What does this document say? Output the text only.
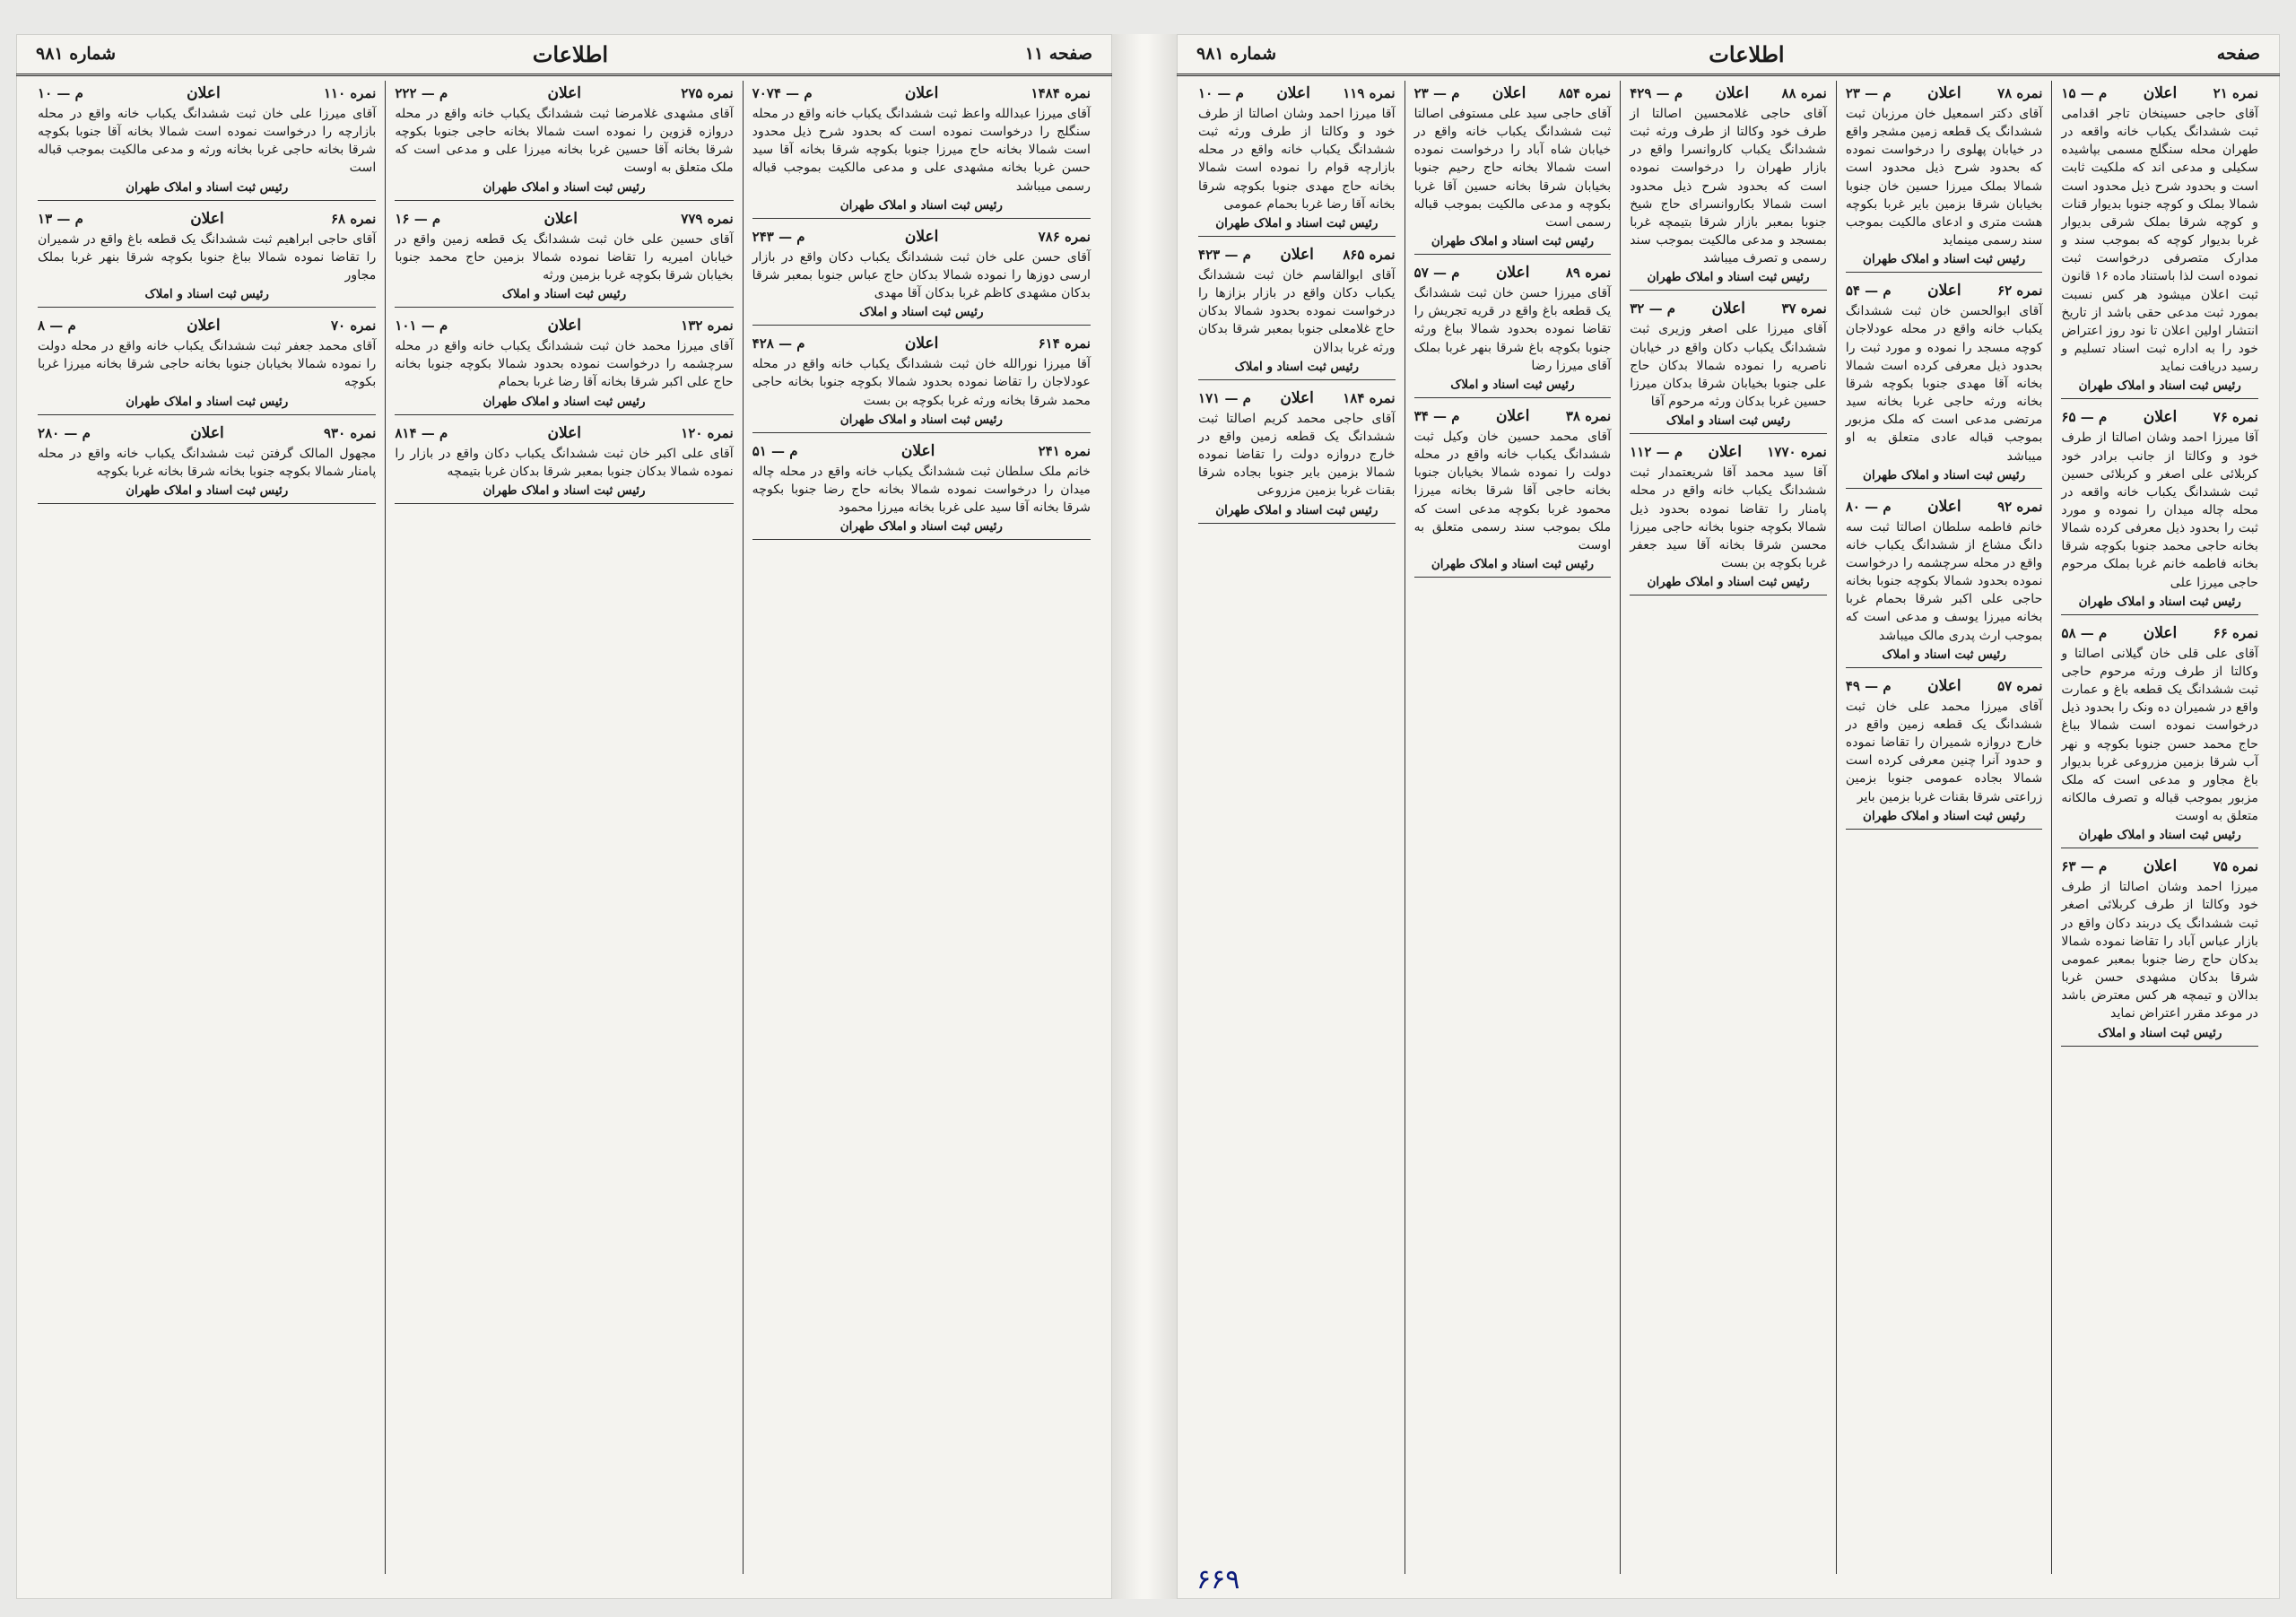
صفحه ۱۱
اطلاعات
شماره ۹۸۱
نمره ۱۴۸۴
اعلان
م — ۷۰۷۴

آقای میرزا عبدالله واعظ ثبت ششدانگ یکباب خانه واقع در محله سنگلج را درخواست نموده است که بحدود شرح ذیل محدود است شمالا بخانه حاج میرزا جنوبا بکوچه شرقا بخانه آقا سید حسن غربا بخانه مشهدی علی و مدعی مالکیت بموجب قباله رسمی میباشد

رئیس ثبت اسناد و املاک طهران
نمره ۷۸۶
اعلان
م — ۲۴۳

آقای حسن علی خان ثبت ششدانگ یکباب دکان واقع در بازار ارسی دوزها را نموده شمالا بدکان حاج عباس جنوبا بمعبر شرقا بدکان مشهدی کاظم غربا بدکان آقا مهدی

رئیس ثبت اسناد و املاک
نمره ۶۱۴
اعلان
م — ۴۲۸

آقا میرزا نورالله خان ثبت ششدانگ یکباب خانه واقع در محله عودلاجان را تقاضا نموده بحدود شمالا بکوچه جنوبا بخانه حاجی محمد شرقا بخانه ورثه غربا بکوچه بن بست

رئیس ثبت اسناد و املاک طهران
نمره ۲۴۱
اعلان
م — ۵۱

خانم ملک سلطان ثبت ششدانگ یکباب خانه واقع در محله چاله میدان را درخواست نموده شمالا بخانه حاج رضا جنوبا بکوچه شرقا بخانه آقا سید علی غربا بخانه میرزا محمود

رئیس ثبت اسناد و املاک طهران
نمره ۲۷۵
اعلان
م — ۲۲۲

آقای مشهدی غلامرضا ثبت ششدانگ یکباب خانه واقع در محله دروازه قزوین را نموده است شمالا بخانه حاجی جنوبا بکوچه شرقا بخانه آقا حسین غربا بخانه میرزا علی و مدعی است که ملک متعلق به اوست

رئیس ثبت اسناد و املاک طهران
نمره ۷۷۹
اعلان
م — ۱۶

آقای حسین علی خان ثبت ششدانگ یک قطعه زمین واقع در خیابان امیریه را تقاضا نموده شمالا بزمین حاج محمد جنوبا بخیابان شرقا بکوچه غربا بزمین ورثه

رئیس ثبت اسناد و املاک
نمره ۱۳۲
اعلان
م — ۱۰۱

آقای میرزا محمد خان ثبت ششدانگ یکباب خانه واقع در محله سرچشمه را درخواست نموده بحدود شمالا بکوچه جنوبا بخانه حاج علی اکبر شرقا بخانه آقا رضا غربا بحمام

رئیس ثبت اسناد و املاک طهران
نمره ۱۲۰
اعلان
م — ۸۱۴

آقای علی اکبر خان ثبت ششدانگ یکباب دکان واقع در بازار را نموده شمالا بدکان جنوبا بمعبر شرقا بدکان غربا بتیمچه

رئیس ثبت اسناد و املاک طهران
نمره ۱۱۰
اعلان
م — ۱۰

آقای میرزا علی خان ثبت ششدانگ یکباب خانه واقع در محله بازارچه را درخواست نموده است شمالا بخانه آقا جنوبا بکوچه شرقا بخانه حاجی غربا بخانه ورثه و مدعی مالکیت بموجب قباله است

رئیس ثبت اسناد و املاک طهران
نمره ۶۸
اعلان
م — ۱۳

آقای حاجی ابراهیم ثبت ششدانگ یک قطعه باغ واقع در شمیران را تقاضا نموده شمالا بباغ جنوبا بکوچه شرقا بنهر غربا بملک مجاور

رئیس ثبت اسناد و املاک
نمره ۷۰
اعلان
م — ۸

آقای محمد جعفر ثبت ششدانگ یکباب خانه واقع در محله دولت را نموده شمالا بخیابان جنوبا بخانه حاجی شرقا بخانه میرزا غربا بکوچه

رئیس ثبت اسناد و املاک طهران
نمره ۹۳۰
اعلان
م — ۲۸۰

مجهول المالک گرفتن ثبت ششدانگ یکباب خانه واقع در محله پامنار شمالا بکوچه جنوبا بخانه شرقا بخانه غربا بکوچه

رئیس ثبت اسناد و املاک طهران
صفحه
اطلاعات
شماره ۹۸۱
نمره ۲۱
اعلان
م — ۱۵

آقای حاجی حسینخان تاجر اقدامی ثبت ششدانگ یکباب خانه واقعه در طهران محله سنگلج مسمی بپاشیده سکیلی و مدعی اند که ملکیت ثابت است و بحدود شرح ذیل محدود است شمالا بملک و کوچه جنوبا بدیوار قنات و کوچه شرقا بملک شرقی بدیوار غربا بدیوار کوچه که بموجب سند و مدارک متصرفی درخواست ثبت نموده است لذا باستناد ماده ۱۶ قانون ثبت اعلان میشود هر کس نسبت بمورد ثبت مدعی حقی باشد از تاریخ انتشار اولین اعلان تا نود روز اعتراض خود را به اداره ثبت اسناد تسلیم و رسید دریافت نماید

رئیس ثبت اسناد و املاک طهران
نمره ۷۶
اعلان
م — ۶۵

آقا میرزا احمد وشان اصالتا از طرف خود و وکالتا از جانب برادر خود کربلائی علی اصغر و کربلائی حسین ثبت ششدانگ یکباب خانه واقعه در محله چاله میدان را نموده و مورد ثبت را بحدود ذیل معرفی کرده شمالا بخانه حاجی محمد جنوبا بکوچه شرقا بخانه فاطمه خانم غربا بملک مرحوم حاجی میرزا علی

رئیس ثبت اسناد و املاک طهران
نمره ۶۶
اعلان
م — ۵۸

آقای علی قلی خان گیلانی اصالتا و وکالتا از طرف ورثه مرحوم حاجی ثبت ششدانگ یک قطعه باغ و عمارت واقع در شمیران ده ونک را بحدود ذیل درخواست نموده است شمالا بباغ حاج محمد حسن جنوبا بکوچه و نهر آب شرقا بزمین مزروعی غربا بدیوار باغ مجاور و مدعی است که ملک مزبور بموجب قباله و تصرف مالکانه متعلق به اوست

رئیس ثبت اسناد و املاک طهران
نمره ۷۵
اعلان
م — ۶۳

میرزا احمد وشان اصالتا از طرف خود وکالتا از طرف کربلائی اصغر ثبت ششدانگ یک دربند دکان واقع در بازار عباس آباد را تقاضا نموده شمالا بدکان حاج رضا جنوبا بمعبر عمومی شرقا بدکان مشهدی حسن غربا بدالان و تیمچه هر کس معترض باشد در موعد مقرر اعتراض نماید

رئیس ثبت اسناد و املاک
نمره ۷۸
اعلان
م — ۲۳

آقای دکتر اسمعیل خان مرزبان ثبت ششدانگ یک قطعه زمین مشجر واقع در خیابان پهلوی را درخواست نموده که بحدود شرح ذیل محدود است شمالا بملک میرزا حسین خان جنوبا بخیابان شرقا بزمین بایر غربا بکوچه هشت متری و ادعای مالکیت بموجب سند رسمی مینماید

رئیس ثبت اسناد و املاک طهران
نمره ۶۲
اعلان
م — ۵۴

آقای ابوالحسن خان ثبت ششدانگ یکباب خانه واقع در محله عودلاجان کوچه مسجد را نموده و مورد ثبت را بحدود ذیل معرفی کرده است شمالا بخانه آقا مهدی جنوبا بکوچه شرقا بخانه ورثه حاجی غربا بخانه سید مرتضی مدعی است که ملک مزبور بموجب قباله عادی متعلق به او میباشد

رئیس ثبت اسناد و املاک طهران
نمره ۹۲
اعلان
م — ۸۰

خانم فاطمه سلطان اصالتا ثبت سه دانگ مشاع از ششدانگ یکباب خانه واقع در محله سرچشمه را درخواست نموده بحدود شمالا بکوچه جنوبا بخانه حاجی علی اکبر شرقا بحمام غربا بخانه میرزا یوسف و مدعی است که بموجب ارث پدری مالک میباشد

رئیس ثبت اسناد و املاک
نمره ۵۷
اعلان
م — ۴۹

آقای میرزا محمد علی خان ثبت ششدانگ یک قطعه زمین واقع در خارج دروازه شمیران را تقاضا نموده و حدود آنرا چنین معرفی کرده است شمالا بجاده عمومی جنوبا بزمین زراعتی شرقا بقنات غربا بزمین بایر

رئیس ثبت اسناد و املاک طهران
نمره ۸۸
اعلان
م — ۴۲۹

آقای حاجی غلامحسین اصالتا از طرف خود وکالتا از طرف ورثه ثبت ششدانگ یکباب کاروانسرا واقع در بازار طهران را درخواست نموده است که بحدود شرح ذیل محدود است شمالا بکاروانسرای حاج شیخ جنوبا بمعبر بازار شرقا بتیمچه غربا بمسجد و مدعی مالکیت بموجب سند رسمی و تصرف میباشد

رئیس ثبت اسناد و املاک طهران
نمره ۳۷
اعلان
م — ۳۲

آقای میرزا علی اصغر وزیری ثبت ششدانگ یکباب دکان واقع در خیابان ناصریه را نموده شمالا بدکان حاج علی جنوبا بخیابان شرقا بدکان میرزا حسین غربا بدکان ورثه مرحوم آقا

رئیس ثبت اسناد و املاک
نمره ۱۷۷۰
اعلان
م — ۱۱۲

آقا سید محمد آقا شریعتمدار ثبت ششدانگ یکباب خانه واقع در محله پامنار را تقاضا نموده بحدود ذیل شمالا بکوچه جنوبا بخانه حاجی میرزا محسن شرقا بخانه آقا سید جعفر غربا بکوچه بن بست

رئیس ثبت اسناد و املاک طهران
نمره ۸۵۴
اعلان
م — ۲۳

آقای حاجی سید علی مستوفی اصالتا ثبت ششدانگ یکباب خانه واقع در خیابان شاه آباد را درخواست نموده است شمالا بخانه حاج رحیم جنوبا بخیابان شرقا بخانه حسین آقا غربا بکوچه و مدعی مالکیت بموجب قباله رسمی است

رئیس ثبت اسناد و املاک طهران
نمره ۸۹
اعلان
م — ۵۷

آقای میرزا حسن خان ثبت ششدانگ یک قطعه باغ واقع در قریه تجریش را تقاضا نموده بحدود شمالا بباغ ورثه جنوبا بکوچه باغ شرقا بنهر غربا بملک آقای میرزا رضا

رئیس ثبت اسناد و املاک
نمره ۳۸
اعلان
م — ۳۴

آقای محمد حسین خان وکیل ثبت ششدانگ یکباب خانه واقع در محله دولت را نموده شمالا بخیابان جنوبا بخانه حاجی آقا شرقا بخانه میرزا محمود غربا بکوچه مدعی است که ملک بموجب سند رسمی متعلق به اوست

رئیس ثبت اسناد و املاک طهران
نمره ۱۱۹
اعلان
م — ۱۰

آقا میرزا احمد وشان اصالتا از طرف خود و وکالتا از طرف ورثه ثبت ششدانگ یکباب خانه واقع در محله بازارچه قوام را نموده است شمالا بخانه حاج مهدی جنوبا بکوچه شرقا بخانه آقا رضا غربا بحمام عمومی

رئیس ثبت اسناد و املاک طهران
نمره ۸۶۵
اعلان
م — ۴۲۳

آقای ابوالقاسم خان ثبت ششدانگ یکباب دکان واقع در بازار بزازها را درخواست نموده بحدود شمالا بدکان حاج غلامعلی جنوبا بمعبر شرقا بدکان ورثه غربا بدالان

رئیس ثبت اسناد و املاک
نمره ۱۸۴
اعلان
م — ۱۷۱

آقای حاجی محمد کریم اصالتا ثبت ششدانگ یک قطعه زمین واقع در خارج دروازه دولت را تقاضا نموده شمالا بزمین بایر جنوبا بجاده شرقا بقنات غربا بزمین مزروعی

رئیس ثبت اسناد و املاک طهران
۶۶۹
